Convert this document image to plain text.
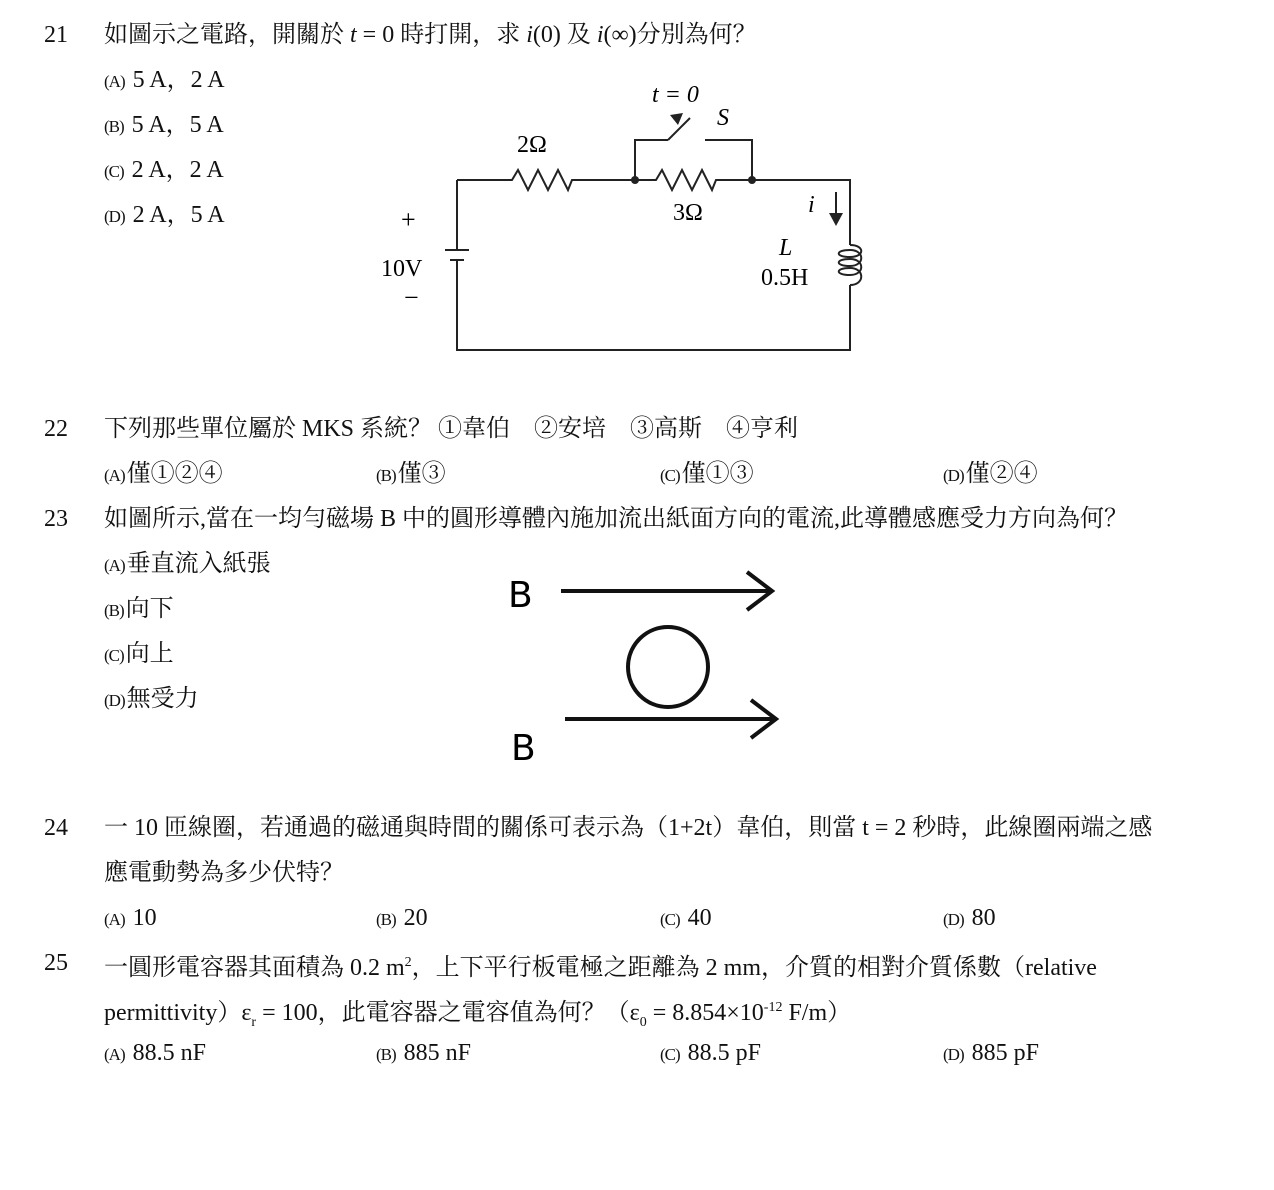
21 如圖示之電路，開關於 t = 0 時打開，求 i(0) 及 i(∞)分別為何？
(A) 5 A，2 A
(B) 5 A，5 A
(C) 2 A，2 A
(D) 2 A，5 A
t = 0
S
2Ω
3Ω
+
10V
−
i
L
0.5H
22 下列那些單位屬於 MKS 系統？ ①韋伯　②安培　③高斯　④亨利
(A)僅①②④	(B)僅③	(C)僅①③	(D)僅②④
23 如圖所示,當在一均勻磁場 B 中的圓形導體內施加流出紙面方向的電流,此導體感應受力方向為何？
(A)垂直流入紙張
(B)向下
(C)向上
(D)無受力
B
B
24 一 10 匝線圈，若通過的磁通與時間的關係可表示為（1+2t）韋伯，則當 t = 2 秒時，此線圈兩端之感
應電動勢為多少伏特？
(A) 10	(B) 20	(C) 40	(D) 80
25 一圓形電容器其面積為 0.2 $m^2$，上下平行板電極之距離為 2 mm，介質的相對介質係數（relative
$permittivity)\varepsilon_r = 100$，此電容器之電容值為何？（$\varepsilon_0 = 8.854\times 10^{-12}$ F/m）
(A) 88.5 nF	(B) 885 nF	(C) 88.5 pF	(D) 885 pF
